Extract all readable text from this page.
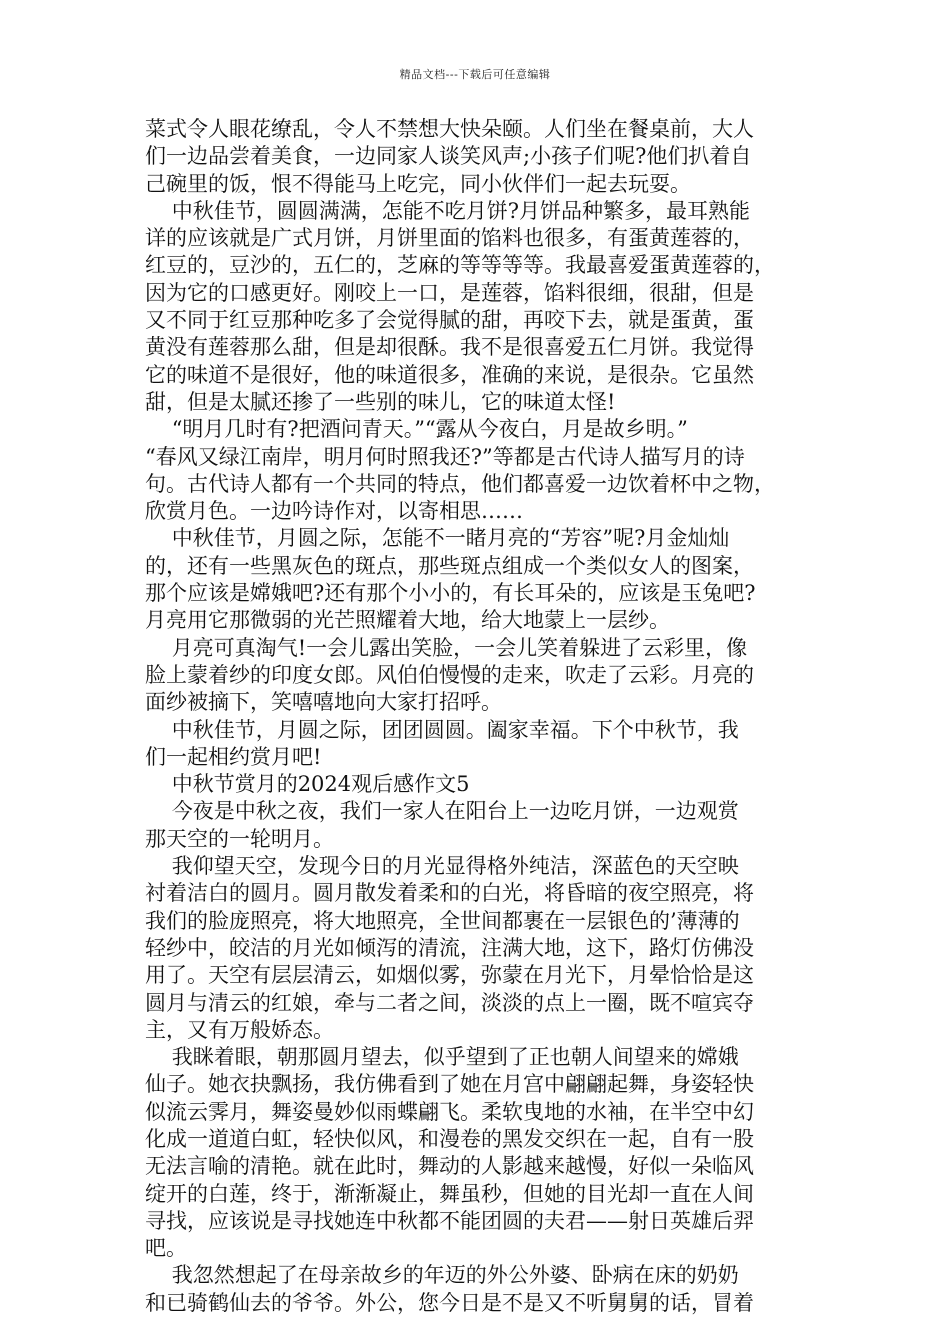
精品文档---下载后可任意编辑

菜式令人眼花缭乱，令人不禁想大快朵颐。人们坐在餐桌前，大人

们一边品尝着美食，一边同家人谈笑风声;小孩子们呢?他们扒着自

己碗里的饭，恨不得能马上吃完，同小伙伴们一起去玩耍。

中秋佳节，圆圆满满，怎能不吃月饼?月饼品种繁多，最耳熟能

详的应该就是广式月饼，月饼里面的馅料也很多，有蛋黄莲蓉的，

红豆的，豆沙的，五仁的，芝麻的等等等等。我最喜爱蛋黄莲蓉的，

因为它的口感更好。刚咬上一口，是莲蓉，馅料很细，很甜，但是

又不同于红豆那种吃多了会觉得腻的甜，再咬下去，就是蛋黄，蛋

黄没有莲蓉那么甜，但是却很酥。我不是很喜爱五仁月饼。我觉得

它的味道不是很好，他的味道很多，准确的来说，是很杂。它虽然

甜，但是太腻还掺了一些别的味儿，它的味道太怪!

“明月几时有?把酒问青天。”“露从今夜白，月是故乡明。”

“春风又绿江南岸，明月何时照我还?”等都是古代诗人描写月的诗

句。古代诗人都有一个共同的特点，他们都喜爱一边饮着杯中之物，

欣赏月色。一边吟诗作对，以寄相思……

中秋佳节，月圆之际，怎能不一睹月亮的“芳容”呢?月金灿灿

的，还有一些黑灰色的斑点，那些斑点组成一个类似女人的图案，

那个应该是嫦娥吧?还有那个小小的，有长耳朵的，应该是玉兔吧?

月亮用它那微弱的光芒照耀着大地，给大地蒙上一层纱。

月亮可真淘气!一会儿露出笑脸，一会儿笑着躲进了云彩里，像

脸上蒙着纱的印度女郎。风伯伯慢慢的走来，吹走了云彩。月亮的

面纱被摘下，笑嘻嘻地向大家打招呼。

中秋佳节，月圆之际，团团圆圆。阖家幸福。下个中秋节，我

们一起相约赏月吧!

中秋节赏月的2024观后感作文5

今夜是中秋之夜，我们一家人在阳台上一边吃月饼，一边观赏

那天空的一轮明月。

我仰望天空，发现今日的月光显得格外纯洁，深蓝色的天空映

衬着洁白的圆月。圆月散发着柔和的白光，将昏暗的夜空照亮，将

我们的脸庞照亮，将大地照亮，全世间都裹在一层银色的’薄薄的

轻纱中，皎洁的月光如倾泻的清流，注满大地，这下，路灯仿佛没

用了。天空有层层清云，如烟似雾，弥蒙在月光下，月晕恰恰是这

圆月与清云的红娘，牵与二者之间，淡淡的点上一圈，既不喧宾夺

主，又有万般娇态。

我眯着眼，朝那圆月望去，似乎望到了正也朝人间望来的嫦娥

仙子。她衣抉飘扬，我仿佛看到了她在月宫中翩翩起舞，身姿轻快

似流云霁月，舞姿曼妙似雨蝶翩飞。柔软曳地的水袖，在半空中幻

化成一道道白虹，轻快似风，和漫卷的黑发交织在一起，自有一股

无法言喻的清艳。就在此时，舞动的人影越来越慢，好似一朵临风

绽开的白莲，终于，渐渐凝止，舞虽秒，但她的目光却一直在人间

寻找，应该说是寻找她连中秋都不能团圆的夫君——射日英雄后羿

吧。

我忽然想起了在母亲故乡的年迈的外公外婆、卧病在床的奶奶

和已骑鹤仙去的爷爷。外公，您今日是不是又不听舅舅的话，冒着
